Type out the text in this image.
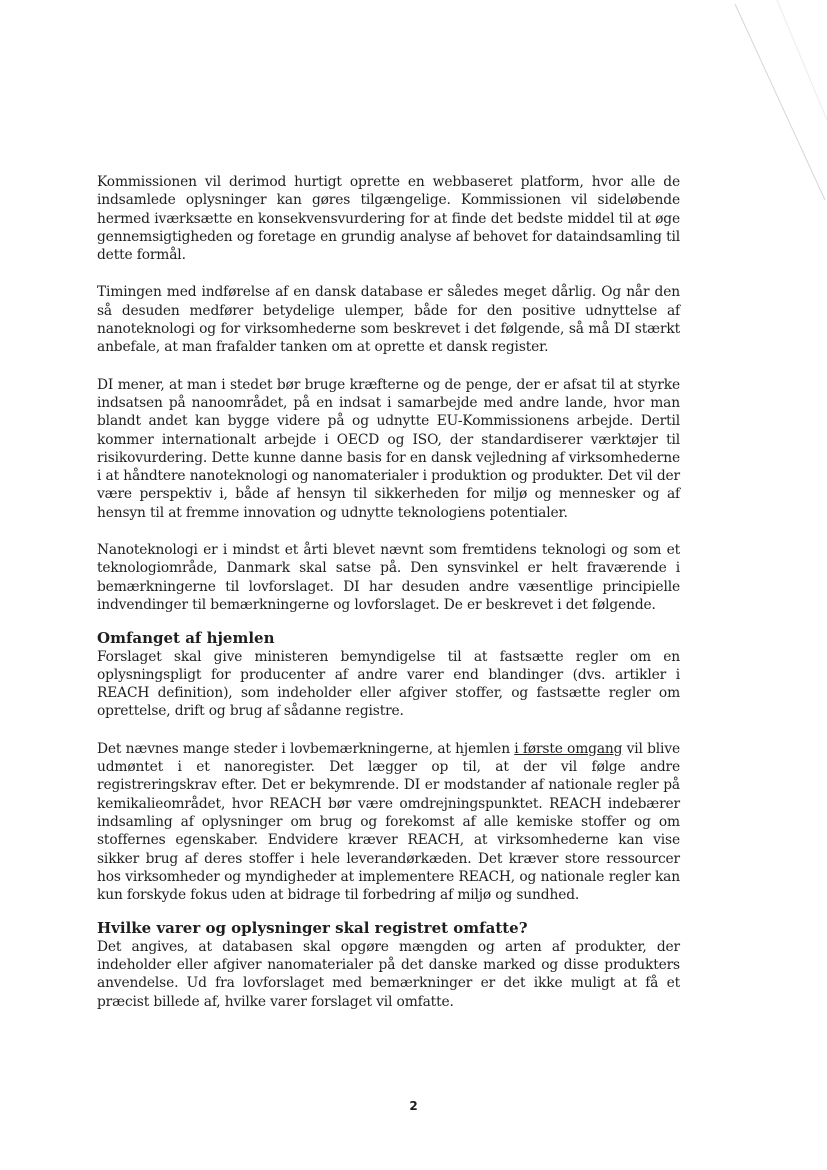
Kommissionen vil derimod hurtigt oprette en webbaseret platform, hvor alle de indsamlede oplysninger kan gøres tilgængelige. Kommissionen vil sideløbende hermed iværksætte en konsekvensvurdering for at finde det bedste middel til at øge gennemsigtigheden og foretage en grundig analyse af behovet for dataindsamling til dette formål.

Timingen med indførelse af en dansk database er således meget dårlig. Og når den så desuden medfører betydelige ulemper, både for den positive udnyttelse af nanoteknologi og for virksomhederne som beskrevet i det følgende, så må DI stærkt anbefale, at man frafalder tanken om at oprette et dansk register.

DI mener, at man i stedet bør bruge kræfterne og de penge, der er afsat til at styrke indsatsen på nanoområdet, på en indsat i samarbejde med andre lande, hvor man blandt andet kan bygge videre på og udnytte EU-Kommissionens arbejde. Dertil kommer internationalt arbejde i OECD og ISO, der standardiserer værktøjer til risikovurdering. Dette kunne danne basis for en dansk vejledning af virksomhederne i at håndtere nanoteknologi og nanomaterialer i produktion og produkter. Det vil der være perspektiv i, både af hensyn til sikkerheden for miljø og mennesker og af hensyn til at fremme innovation og udnytte teknologiens potentialer.

Nanoteknologi er i mindst et årti blevet nævnt som fremtidens teknologi og som et teknologiområde, Danmark skal satse på. Den synsvinkel er helt fraværende i bemærkningerne til lovforslaget. DI har desuden andre væsentlige principielle indvendinger til bemærkningerne og lovforslaget. De er beskrevet i det følgende.

Omfanget af hjemlen

Forslaget skal give ministeren bemyndigelse til at fastsætte regler om en oplysningspligt for producenter af andre varer end blandinger (dvs. artikler i REACH definition), som indeholder eller afgiver stoffer, og fastsætte regler om oprettelse, drift og brug af sådanne registre.

Det nævnes mange steder i lovbemærkningerne, at hjemlen i første omgang vil blive udmøntet i et nanoregister. Det lægger op til, at der vil følge andre registreringskrav efter. Det er bekymrende. DI er modstander af nationale regler på kemikalieområdet, hvor REACH bør være omdrejningspunktet. REACH indebærer indsamling af oplysninger om brug og forekomst af alle kemiske stoffer og om stoffernes egenskaber. Endvidere kræver REACH, at virksomhederne kan vise sikker brug af deres stoffer i hele leverandørkæden. Det kræver store ressourcer hos virksomheder og myndigheder at implementere REACH, og nationale regler kan kun forskyde fokus uden at bidrage til forbedring af miljø og sundhed.

Hvilke varer og oplysninger skal registret omfatte?

Det angives, at databasen skal opgøre mængden og arten af produkter, der indeholder eller afgiver nanomaterialer på det danske marked og disse produkters anvendelse. Ud fra lovforslaget med bemærkninger er det ikke muligt at få et præcist billede af, hvilke varer forslaget vil omfatte.

2
